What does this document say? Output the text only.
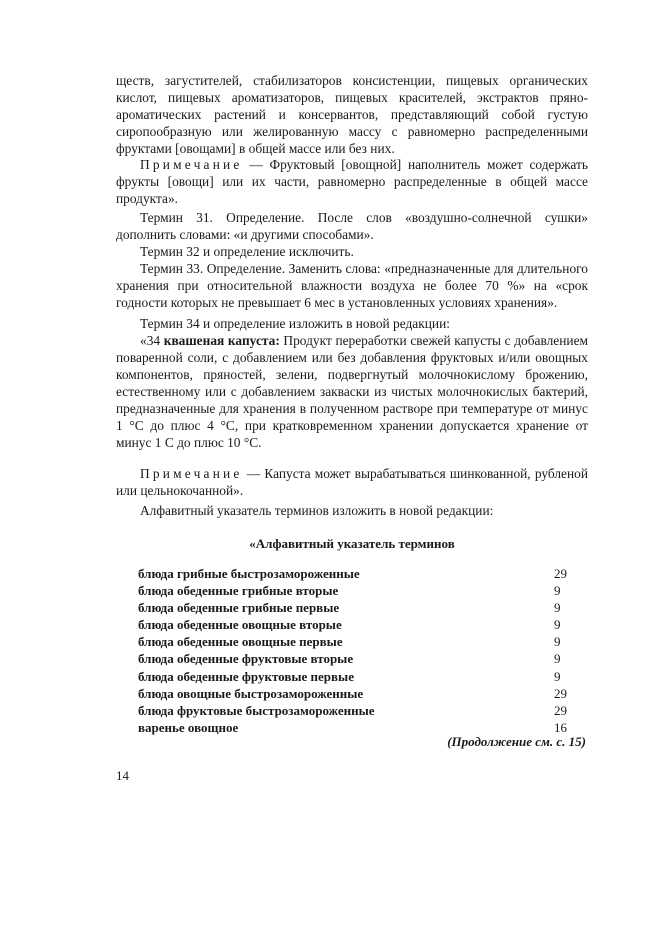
ществ, загустителей, стабилизаторов консистенции, пищевых органических кислот, пищевых ароматизаторов, пищевых красителей, экстрактов пряно-ароматических растений и консервантов, представляющий собой густую сиропообразную или желированную массу с равномерно распределенными фруктами [овощами] в общей массе или без них.

Примечание — Фруктовый [овощной] наполнитель может содержать фрукты [овощи] или их части, равномерно распределенные в общей массе продукта».

Термин 31. Определение. После слов «воздушно-солнечной сушки» дополнить словами: «и другими способами».

Термин 32 и определение исключить.

Термин 33. Определение. Заменить слова: «предназначенные для длительного хранения при относительной влажности воздуха не более 70 %» на «срок годности которых не превышает 6 мес в установленных условиях хранения».

Термин 34 и определение изложить в новой редакции:

«34 квашеная капуста: Продукт переработки свежей капусты с добавлением поваренной соли, с добавлением или без добавления фруктовых и/или овощных компонентов, пряностей, зелени, подвергнутый молочнокислому брожению, естественному или с добавлением закваски из чистых молочнокислых бактерий, предназначенные для хранения в полученном растворе при температуре от минус 1 °С до плюс 4 °С, при кратковременном хранении допускается хранение от минус 1 С до плюс 10 °С.

Примечание — Капуста может вырабатываться шинкованной, рубленой или цельнокочанной».

Алфавитный указатель терминов изложить в новой редакции:

«Алфавитный указатель терминов
блюда грибные быстрозамороженные	29
блюда обеденные грибные вторые	9
блюда обеденные грибные первые	9
блюда обеденные овощные вторые	9
блюда обеденные овощные первые	9
блюда обеденные фруктовые вторые	9
блюда обеденные фруктовые первые	9
блюда овощные быстрозамороженные	29
блюда фруктовые быстрозамороженные	29
варенье овощное	16
(Продолжение см. с. 15)
14
